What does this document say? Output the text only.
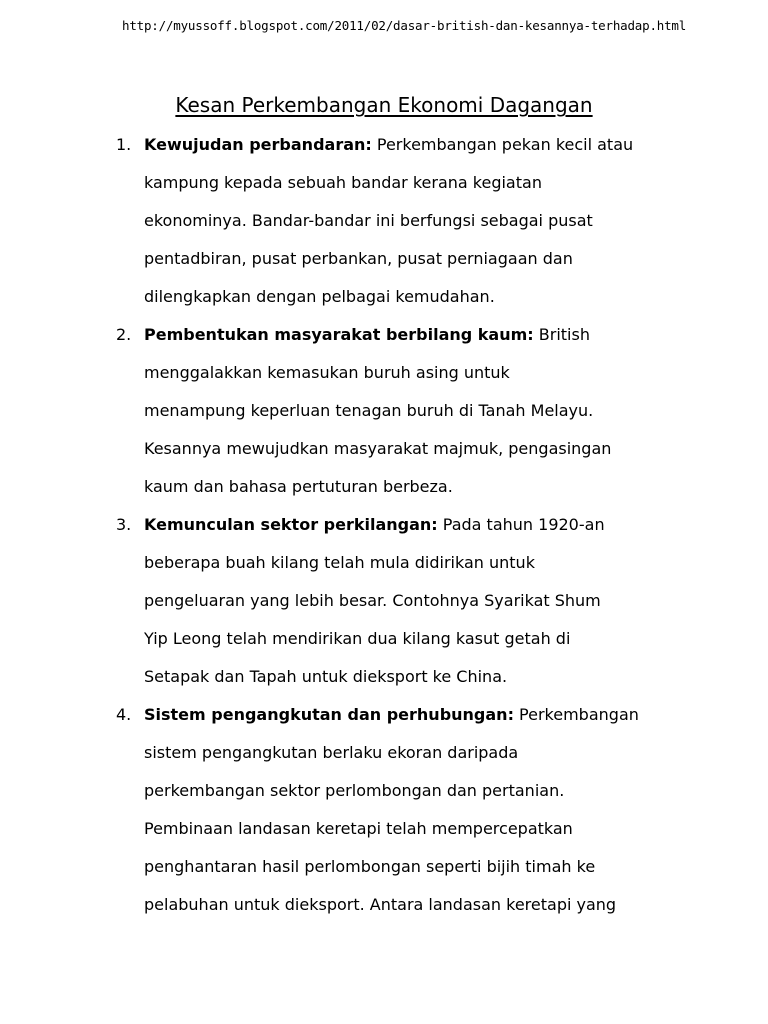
http://myussoff.blogspot.com/2011/02/dasar-british-dan-kesannya-terhadap.html
Kesan Perkembangan Ekonomi Dagangan
1. Kewujudan perbandaran: Perkembangan pekan kecil atau
kampung kepada sebuah bandar kerana kegiatan
ekonominya. Bandar-bandar ini berfungsi sebagai pusat
pentadbiran, pusat perbankan, pusat perniagaan dan
dilengkapkan dengan pelbagai kemudahan.
2. Pembentukan masyarakat berbilang kaum: British
menggalakkan kemasukan buruh asing untuk
menampung keperluan tenagan buruh di Tanah Melayu.
Kesannya mewujudkan masyarakat majmuk, pengasingan
kaum dan bahasa pertuturan berbeza.
3. Kemunculan sektor perkilangan: Pada tahun 1920-an
beberapa buah kilang telah mula didirikan untuk
pengeluaran yang lebih besar. Contohnya Syarikat Shum
Yip Leong telah mendirikan dua kilang kasut getah di
Setapak dan Tapah untuk dieksport ke China.
4. Sistem pengangkutan dan perhubungan: Perkembangan
sistem pengangkutan berlaku ekoran daripada
perkembangan sektor perlombongan dan pertanian.
Pembinaan landasan keretapi telah mempercepatkan
penghantaran hasil perlombongan seperti bijih timah ke
pelabuhan untuk dieksport. Antara landasan keretapi yang
